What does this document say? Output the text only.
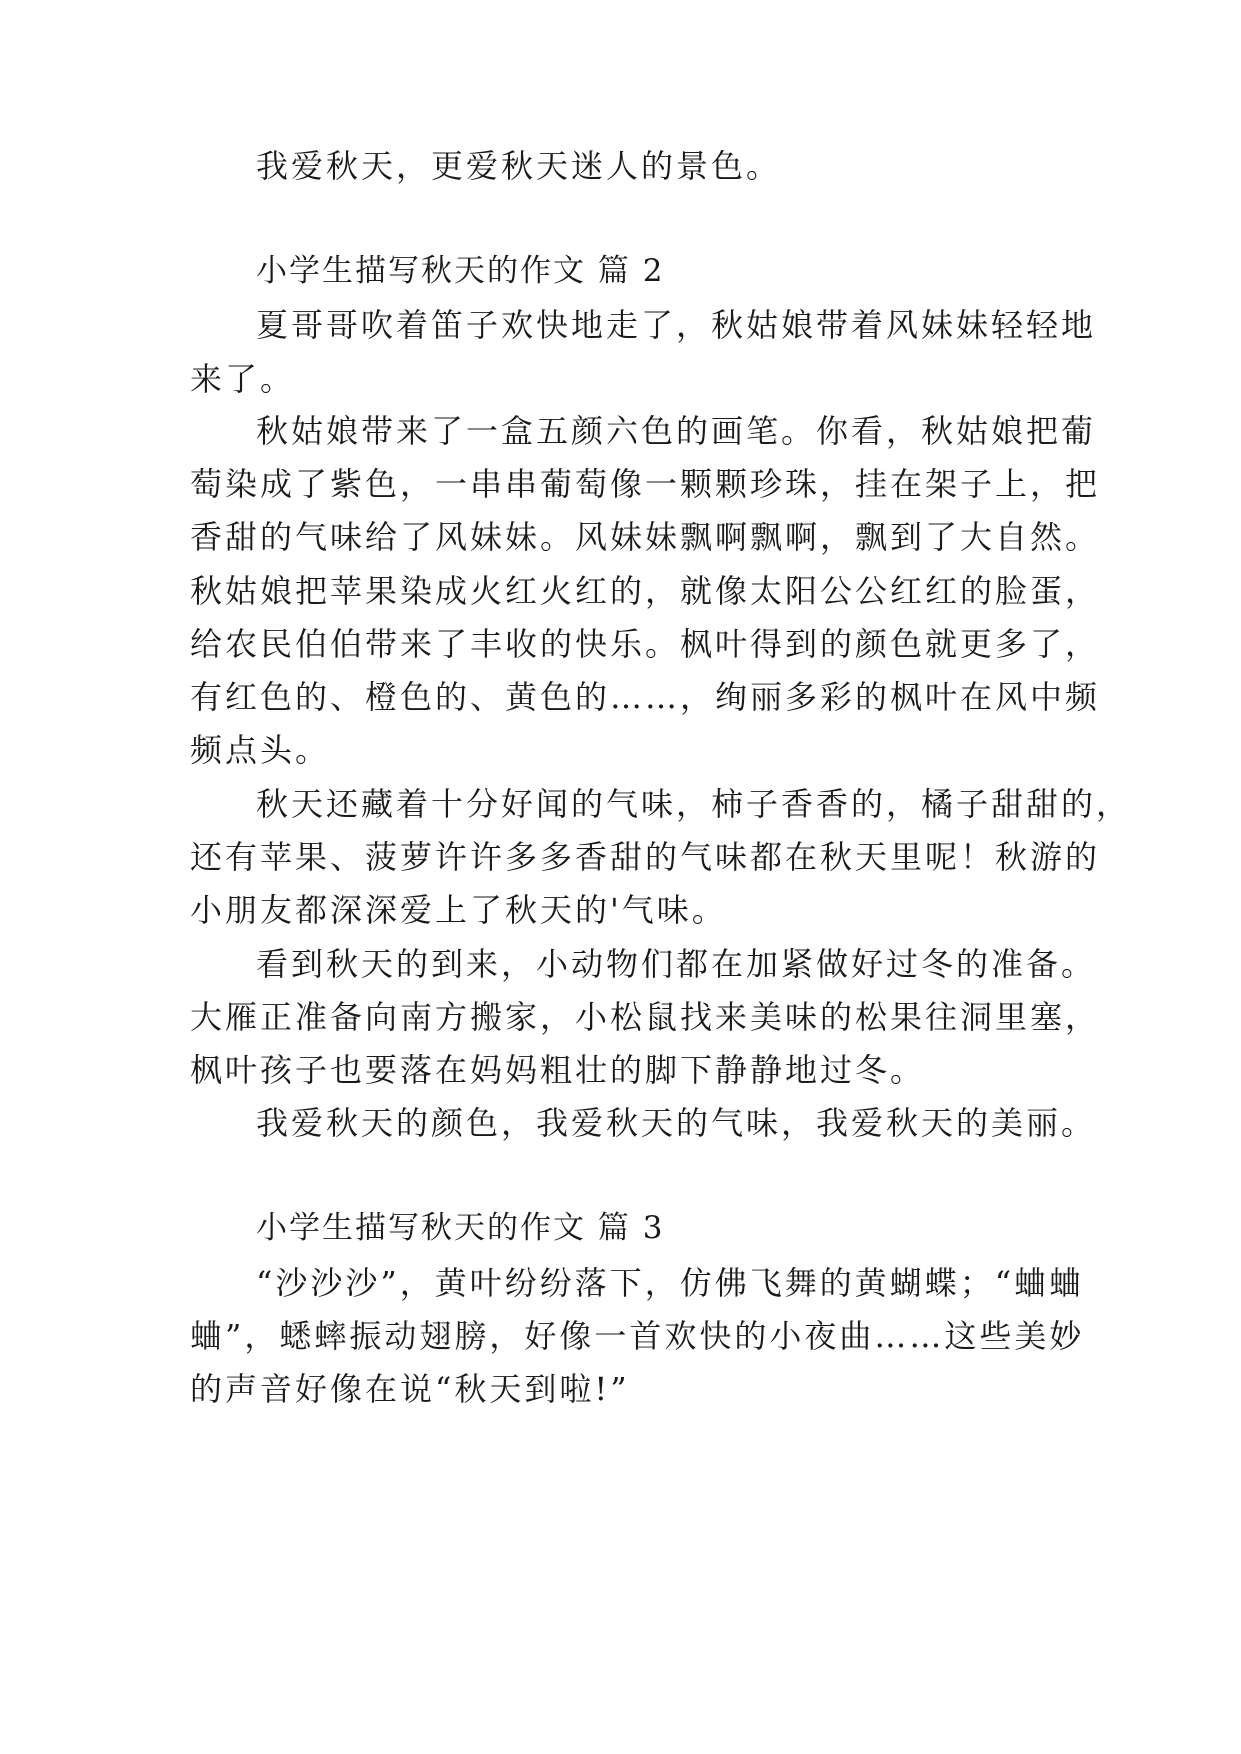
我爱秋天，更爱秋天迷人的景色。
小学生描写秋天的作文 篇 2
夏哥哥吹着笛子欢快地走了，秋姑娘带着风妹妹轻轻地
来了。
秋姑娘带来了一盒五颜六色的画笔。你看，秋姑娘把葡
萄染成了紫色，一串串葡萄像一颗颗珍珠，挂在架子上，把
香甜的气味给了风妹妹。风妹妹飘啊飘啊，飘到了大自然。
秋姑娘把苹果染成火红火红的，就像太阳公公红红的脸蛋，
给农民伯伯带来了丰收的快乐。枫叶得到的颜色就更多了，
有红色的、橙色的、黄色的……，绚丽多彩的枫叶在风中频
频点头。
秋天还藏着十分好闻的气味，柿子香香的，橘子甜甜的，
还有苹果、菠萝许许多多香甜的气味都在秋天里呢！秋游的
小朋友都深深爱上了秋天的'气味。
看到秋天的到来，小动物们都在加紧做好过冬的准备。
大雁正准备向南方搬家，小松鼠找来美味的松果往洞里塞，
枫叶孩子也要落在妈妈粗壮的脚下静静地过冬。
我爱秋天的颜色，我爱秋天的气味，我爱秋天的美丽。
小学生描写秋天的作文 篇 3
“沙沙沙”，黄叶纷纷落下，仿佛飞舞的黄蝴蝶；“蛐蛐
蛐”，蟋蟀振动翅膀，好像一首欢快的小夜曲……这些美妙
的声音好像在说“秋天到啦!”
